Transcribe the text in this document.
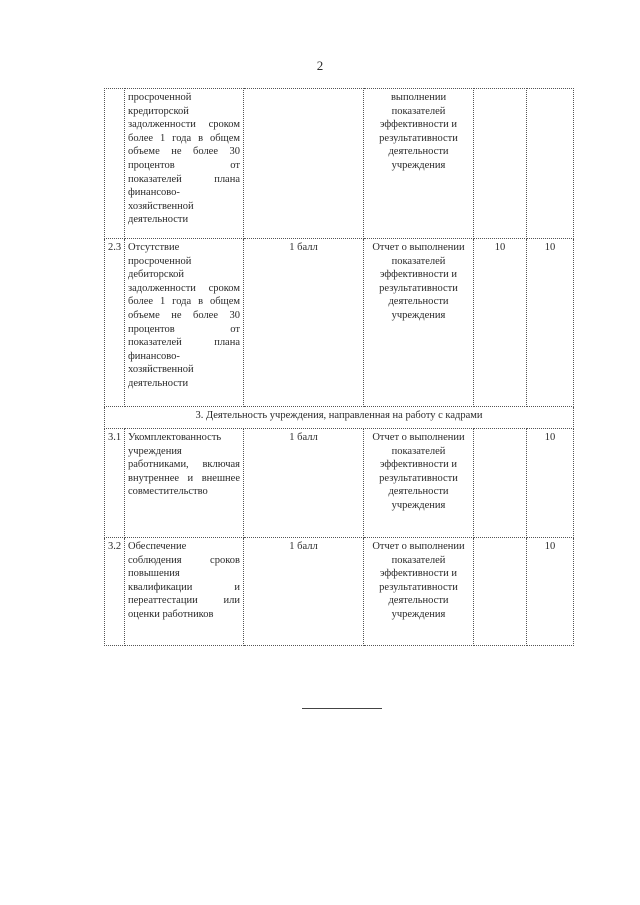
2
	просроченной кредиторской задолженности сроком более 1 года в общем объеме не более 30 процентов от показателей плана финансово-хозяйственной деятельности		выполнении показателей эффективности и результативности деятельности учреждения		
2.3	Отсутствие просроченной дебиторской задолженности сроком более 1 года в общем объеме не более 30 процентов от показателей плана финансово-хозяйственной деятельности	1 балл	Отчет о выполнении показателей эффективности и результативности деятельности учреждения	10	10
3. Деятельность учреждения, направленная на работу с кадрами					
3.1	Укомплектованность учреждения работниками, включая внутреннее и внешнее совместительство	1 балл	Отчет о выполнении показателей эффективности и результативности деятельности учреждения		10
3.2	Обеспечение соблюдения сроков повышения квалификации и переаттестации или оценки работников	1 балл	Отчет о выполнении показателей эффективности и результативности деятельности учреждения		10
